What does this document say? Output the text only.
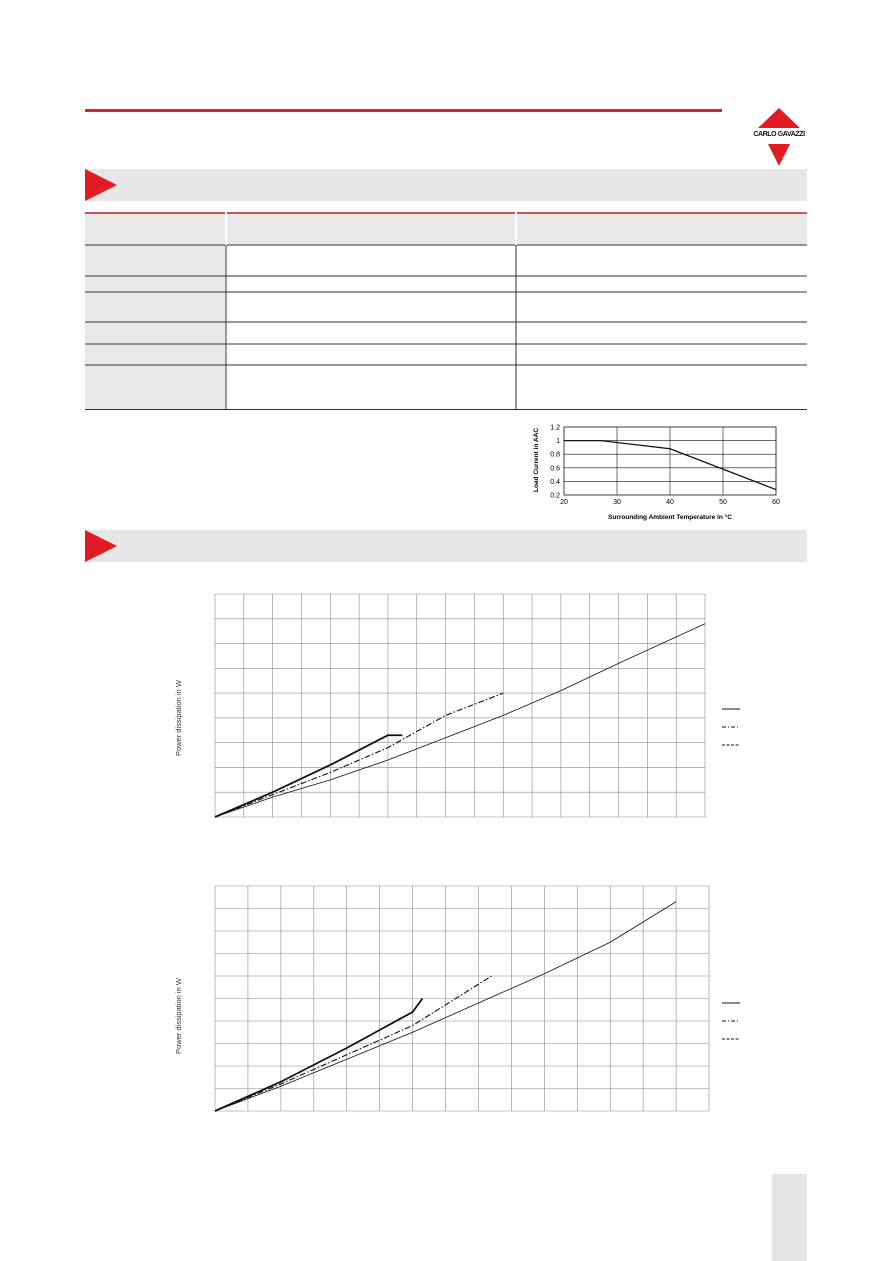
CARLO GAVAZZI
Load Current in AAC
Surrounding Ambient Temperature in °C
20	30	40	50	60
0.2
0.4
0.6
0.8
1
1.2
Power dissipation in W
Power dissipation in W
